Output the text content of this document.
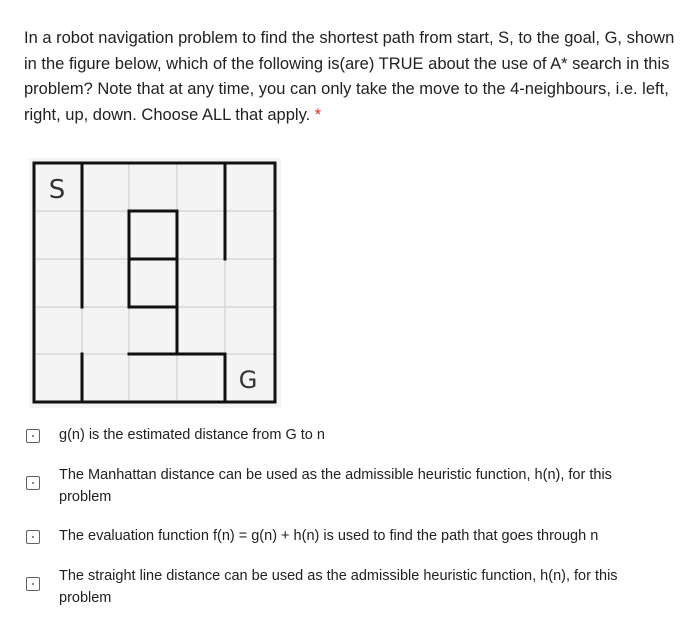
In a robot navigation problem to find the shortest path from start, S, to the goal, G, shown in the figure below, which of the following is(are) TRUE about the use of A* search in this problem? Note that at any time, you can only take the move to the 4-neighbours, i.e. left, right, up, down. Choose ALL that apply. *

S
G

g(n) is the estimated distance from G to n

The Manhattan distance can be used as the admissible heuristic function, h(n), for this problem

The evaluation function f(n) = g(n) + h(n) is used to find the path that goes through n

The straight line distance can be used as the admissible heuristic function, h(n), for this problem
